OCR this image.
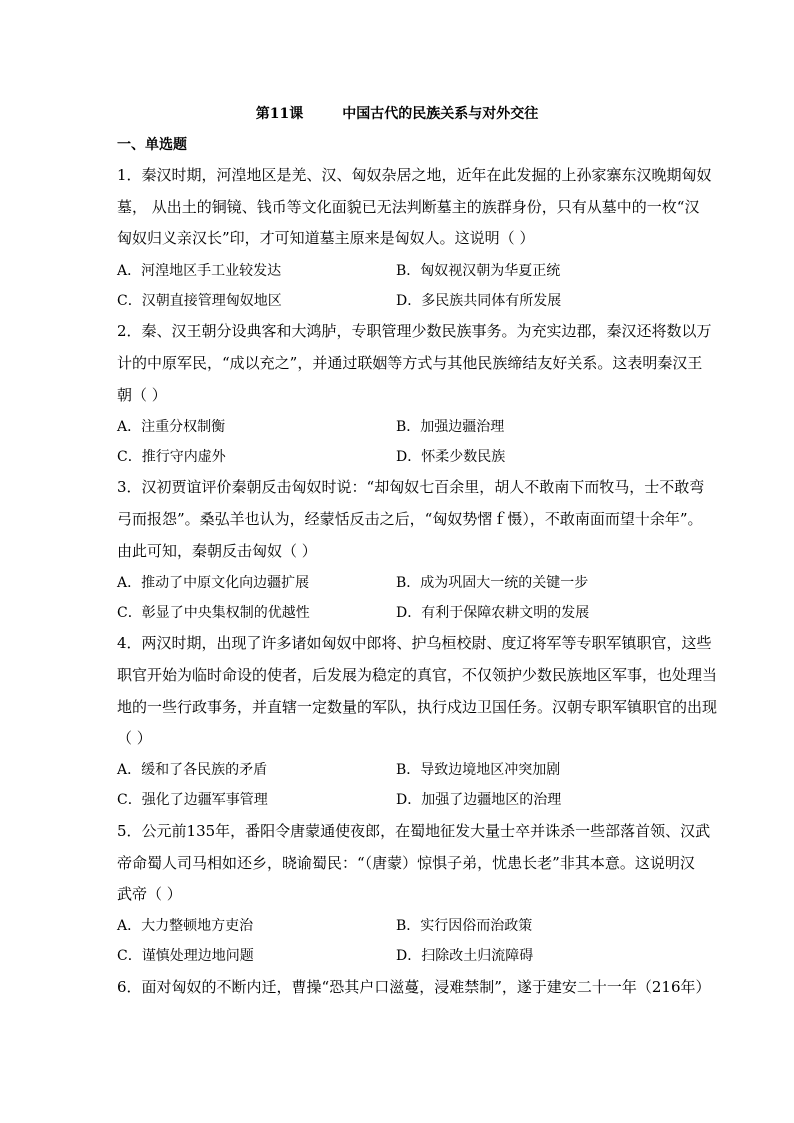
第11课        中国古代的民族关系与对外交往
一、单选题
1．秦汉时期，河湟地区是羌、汉、匈奴杂居之地，近年在此发掘的上孙家寨东汉晚期匈奴
墓， 从出土的铜镜、钱币等文化面貌已无法判断墓主的族群身份，只有从墓中的一枚“汉
匈奴归义亲汉长”印，才可知道墓主原来是匈奴人。这说明（ ）
A．河湟地区手工业较发达	B．匈奴视汉朝为华夏正统
C．汉朝直接管理匈奴地区	D．多民族共同体有所发展
2．秦、汉王朝分设典客和大鸿胪，专职管理少数民族事务。为充实边郡，秦汉还将数以万
计的中原军民，“成以充之”，并通过联姻等方式与其他民族缔结友好关系。这表明秦汉王
朝（ ）
A．注重分权制衡	B．加强边疆治理
C．推行守内虚外	D．怀柔少数民族
3．汉初贾谊评价秦朝反击匈奴时说：“却匈奴七百余里，胡人不敢南下而牧马，士不敢弯
弓而报怨”。桑弘羊也认为，经蒙恬反击之后，“匈奴势慴ｆ慑），不敢南面而望十余年”。
由此可知，秦朝反击匈奴（ ）
A．推动了中原文化向边疆扩展	B．成为巩固大一统的关键一步
C．彰显了中央集权制的优越性	D．有利于保障农耕文明的发展
4．两汉时期，出现了许多诸如匈奴中郎将、护乌桓校尉、度辽将军等专职军镇职官，这些
职官开始为临时命设的使者，后发展为稳定的真官，不仅领护少数民族地区军事，也处理当
地的一些行政事务，并直辖一定数量的军队，执行戍边卫国任务。汉朝专职军镇职官的出现
（ ）
A．缓和了各民族的矛盾	B．导致边境地区冲突加剧
C．强化了边疆军事管理	D．加强了边疆地区的治理
5．公元前135年，番阳令唐蒙通使夜郎，在蜀地征发大量士卒并诛杀一些部落首领、汉武
帝命蜀人司马相如还乡，晓谕蜀民：“（唐蒙）惊惧子弟，忧患长老”非其本意。这说明汉
武帝（ ）
A．大力整顿地方吏治	B．实行因俗而治政策
C．谨慎处理边地问题	D．扫除改土归流障碍
6．面对匈奴的不断内迁，曹操“恐其户口滋蔓，浸难禁制”，遂于建安二十一年（216年）
